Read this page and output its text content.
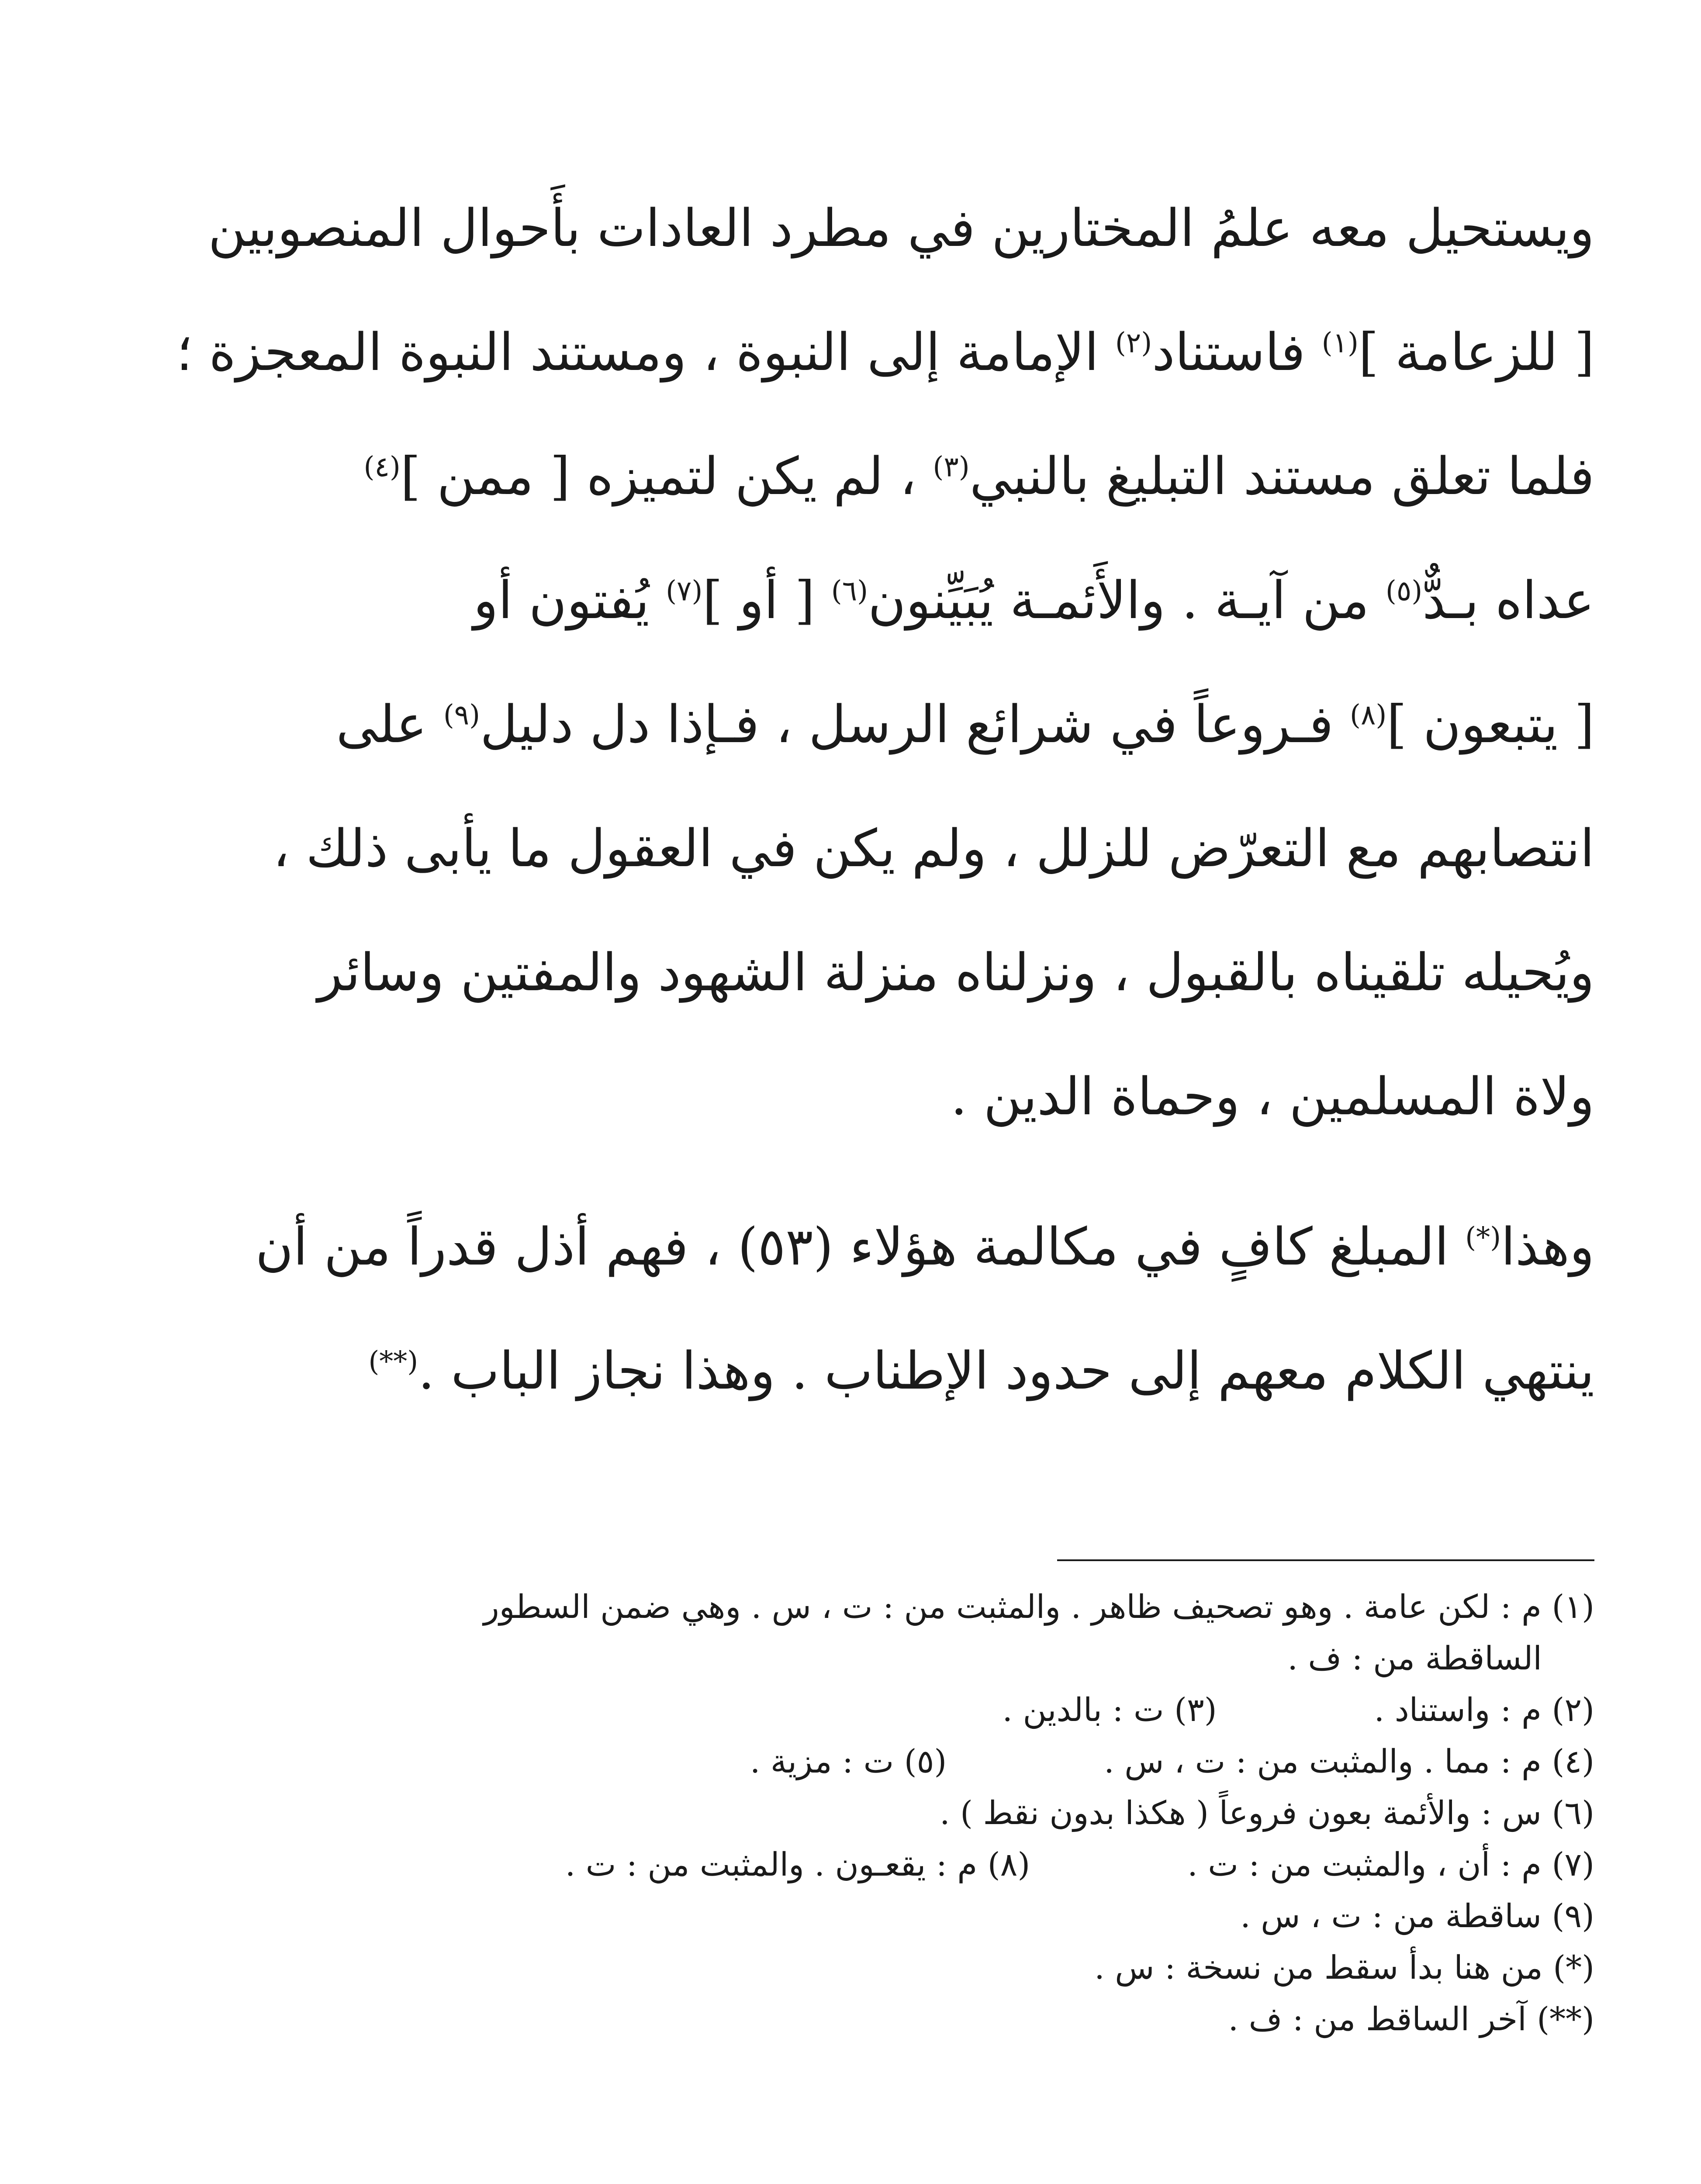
ويستحيل معه علمُ المختارين في مطرد العادات بأَحوال المنصوبين
[ للزعامة ]$^{(١)}$ فاستناد$^{(٢)}$ الإمامة إلى النبوة ، ومستند النبوة المعجزة ؛
فلما تعلق مستند التبليغ بالنبي$^{(٣)}$ ، لم يكن لتميزه [ ممن ]$^{(٤)}$
عداه بـدٌّ$^{(٥)}$ من آيـة . والأَئمـة يُبَيِّنون$^{(٦)}$ [ أو ]$^{(٧)}$ يُفتون أو
[ يتبعون ]$^{(٨)}$ فـروعاً في شرائع الرسل ، فـإذا دل دليل$^{(٩)}$ على
انتصابهم مع التعرّض للزلل ، ولم يكن في العقول ما يأبى ذلك ،
ويُحيله تلقيناه بالقبول ، ونزلناه منزلة الشهود والمفتين وسائر
ولاة المسلمين ، وحماة الدين .

وهذا(*) المبلغ كافٍ في مكالمة هؤلاء (٥٣) ، فهم أذل قدراً من أن
ينتهي الكلام معهم إلى حدود الإطناب . وهذا نجاز الباب .(**)

(١) م : لكن عامة . وهو تصحيف ظاهر . والمثبت من : ت ، س . وهي ضمن السطور
الساقطة من : ف .
(٢) م : واستناد .(٣) ت : بالدين .
(٤) م : مما . والمثبت من : ت ، س .(٥) ت : مزية .
(٦) س : والأئمة بعون فروعاً ( هكذا بدون نقط ) .
(٧) م : أن ، والمثبت من : ت .(٨) م : يقعـون . والمثبت من : ت .
(٩) ساقطة من : ت ، س .
(*) من هنا بدأ سقط من نسخة : س .
(**) آخر الساقط من : ف .
